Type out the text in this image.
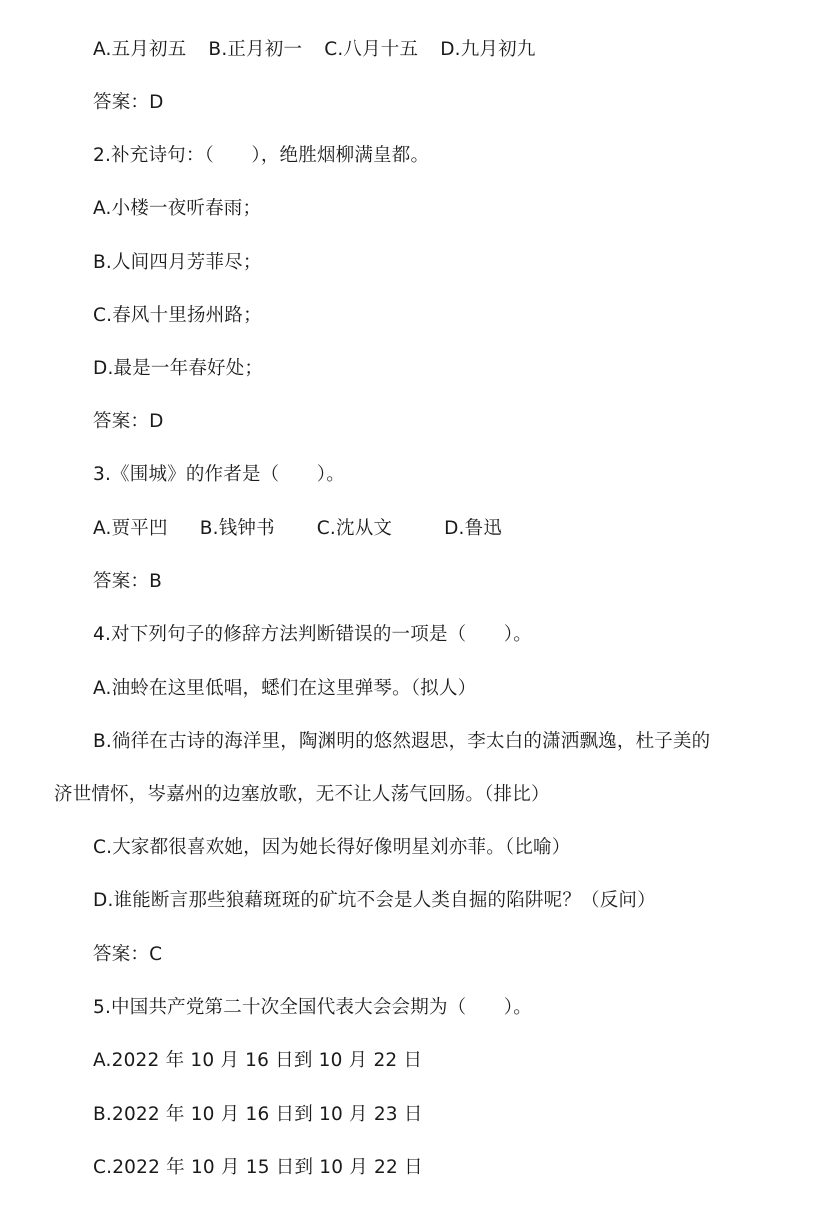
A.五月初五 B.正月初一 C.八月十五 D.九月初九
答案：D
2.补充诗句：（　　），绝胜烟柳满皇都。
A.小楼一夜听春雨；
B.人间四月芳菲尽；
C.春风十里扬州路；
D.最是一年春好处；
答案：D
3.《围城》的作者是（　　）。
A.贾平凹 B.钱钟书 C.沈从文	D.鲁迅
答案：B
4.对下列句子的修辞方法判断错误的一项是（　　）。
A.油蛉在这里低唱，蟋们在这里弹琴。（拟人）
B.徜徉在古诗的海洋里，陶渊明的悠然遐思，李太白的潇洒飘逸，杜子美的
济世情怀，岑嘉州的边塞放歌，无不让人荡气回肠。（排比）
C.大家都很喜欢她，因为她长得好像明星刘亦菲。（比喻）
D.谁能断言那些狼藉斑斑的矿坑不会是人类自掘的陷阱呢？（反问）
答案：C
5.中国共产党第二十次全国代表大会会期为（　　）。
A.2022 年 10 月 16 日到 10 月 22 日
B.2022 年 10 月 16 日到 10 月 23 日
C.2022 年 10 月 15 日到 10 月 22 日
